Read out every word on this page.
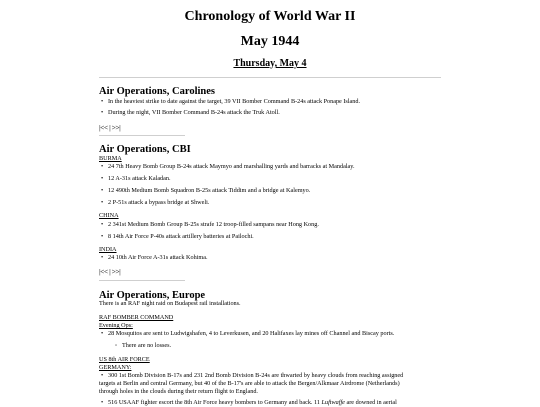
Chronology of World War II
May 1944
Thursday, May 4
Air Operations, Carolines
• In the heaviest strike to date against the target, 39 VII Bomber Command B-24s attack Ponape Island.
• During the night, VII Bomber Command B-24s attack the Truk Atoll.
|<< | >>|
Air Operations, CBI
BURMA
• 24 7th Heavy Bomb Group B-24s attack Maymyo and marshalling yards and barracks at Mandalay.
• 12 A-31s attack Kaladan.
• 12 490th Medium Bomb Squadron B-25s attack Tiddim and a bridge at Kalemyo.
• 2 P-51s attack a bypass bridge at Shweli.
CHINA
• 2 341st Medium Bomb Group B-25s strafe 12 troop-filled sampans near Hong Kong.
• 8 14th Air Force P-40s attack artillery batteries at Pailochi.
INDIA
• 24 10th Air Force A-31s attack Kohima.
|<< | >>|
Air Operations, Europe
There is an RAF night raid on Budapest rail installations.
RAF BOMBER COMMAND
Evening Ops:
• 28 Mosquitos are sent to Ludwigshafen, 4 to Leverkusen, and 20 Halifaxes lay mines off Channel and Biscay ports.
◦ There are no losses.
US 8th AIR FORCE
GERMANY:
• 300 1st Bomb Division B-17s and 231 2nd Bomb Division B-24s are thwarted by heavy clouds from reaching assigned
targets at Berlin and central Germany, but 40 of the B-17's are able to attack the Bergen/Alkmaar Airdrome (Netherlands)
through holes in the clouds during their return flight to England.
• 516 USAAF fighter escort the 8th Air Force heavy bombers to Germany and back. 11 Luftwaffe are downed in aerial
